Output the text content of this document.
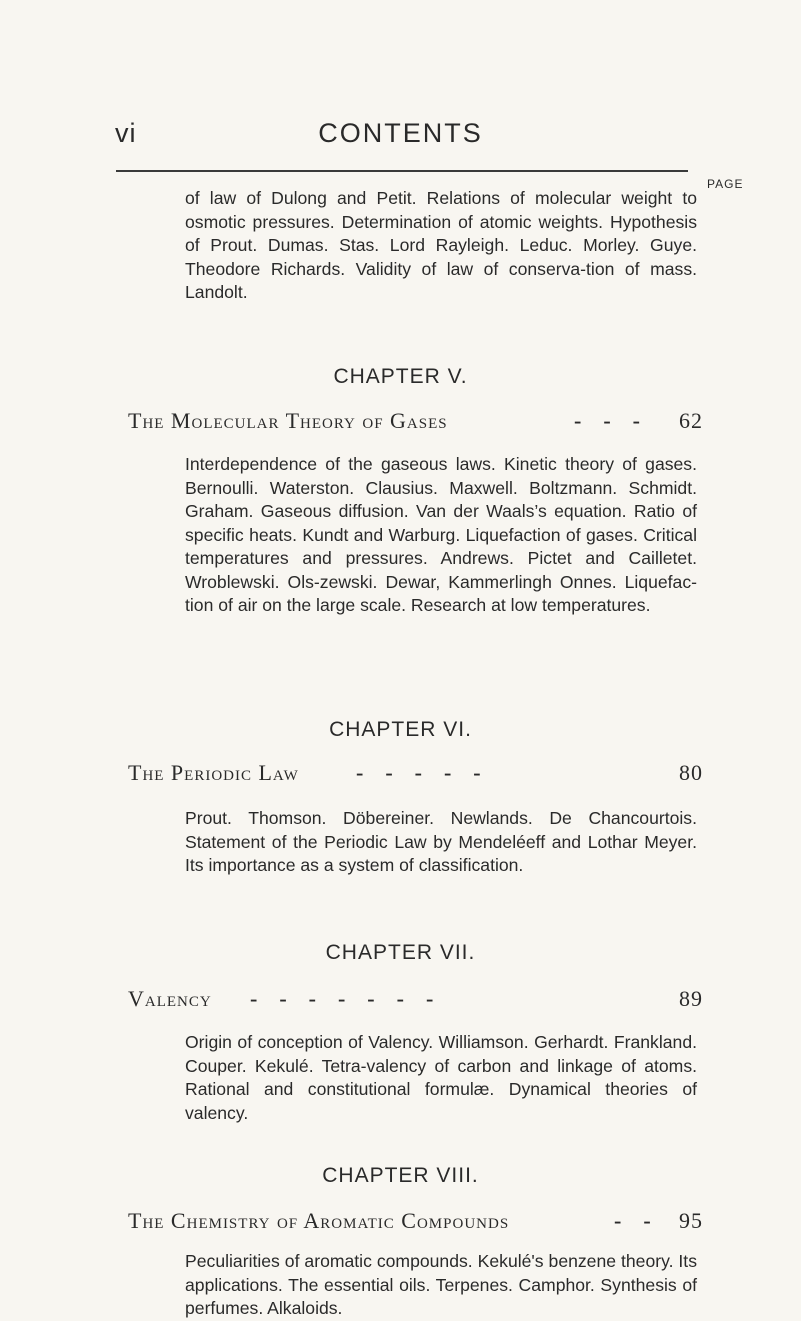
vi	CONTENTS
PAGE

of law of Dulong and Petit. Relations of molecular weight to osmotic pressures. Determination of atomic weights. Hypothesis of Prout. Dumas. Stas. Lord Rayleigh. Leduc. Morley. Guye. Theodore Richards. Validity of law of conserva-tion of mass. Landolt.

CHAPTER V.
The Molecular Theory of Gases	-    -    - 62

Interdependence of the gaseous laws. Kinetic theory of gases. Bernoulli. Waterston. Clausius. Maxwell. Boltzmann. Schmidt. Graham. Gaseous diffusion. Van der Waals’s equation. Ratio of specific heats. Kundt and Warburg. Liquefaction of gases. Critical temperatures and pressures. Andrews. Pictet and Cailletet. Wroblewski. Ols-zewski. Dewar, Kammerlingh Onnes. Liquefac-tion of air on the large scale. Research at low temperatures.

CHAPTER VI.
The Periodic Law	-    -    -    -    -	80

Prout. Thomson. Döbereiner. Newlands. De Chancourtois. Statement of the Periodic Law by Mendeléeff and Lothar Meyer. Its importance as a system of classification.

CHAPTER VII.
Valency -    -    -    -    -    -    -	89

Origin of conception of Valency. Williamson. Gerhardt. Frankland. Couper. Kekulé. Tetra-valency of carbon and linkage of atoms. Rational and constitutional formulæ. Dynamical theories of valency.

CHAPTER VIII.
The Chemistry of Aromatic Compounds	-    - 95

Peculiarities of aromatic compounds. Kekulé's benzene theory. Its applications. The essential oils. Terpenes. Camphor. Synthesis of perfumes. Alkaloids.
